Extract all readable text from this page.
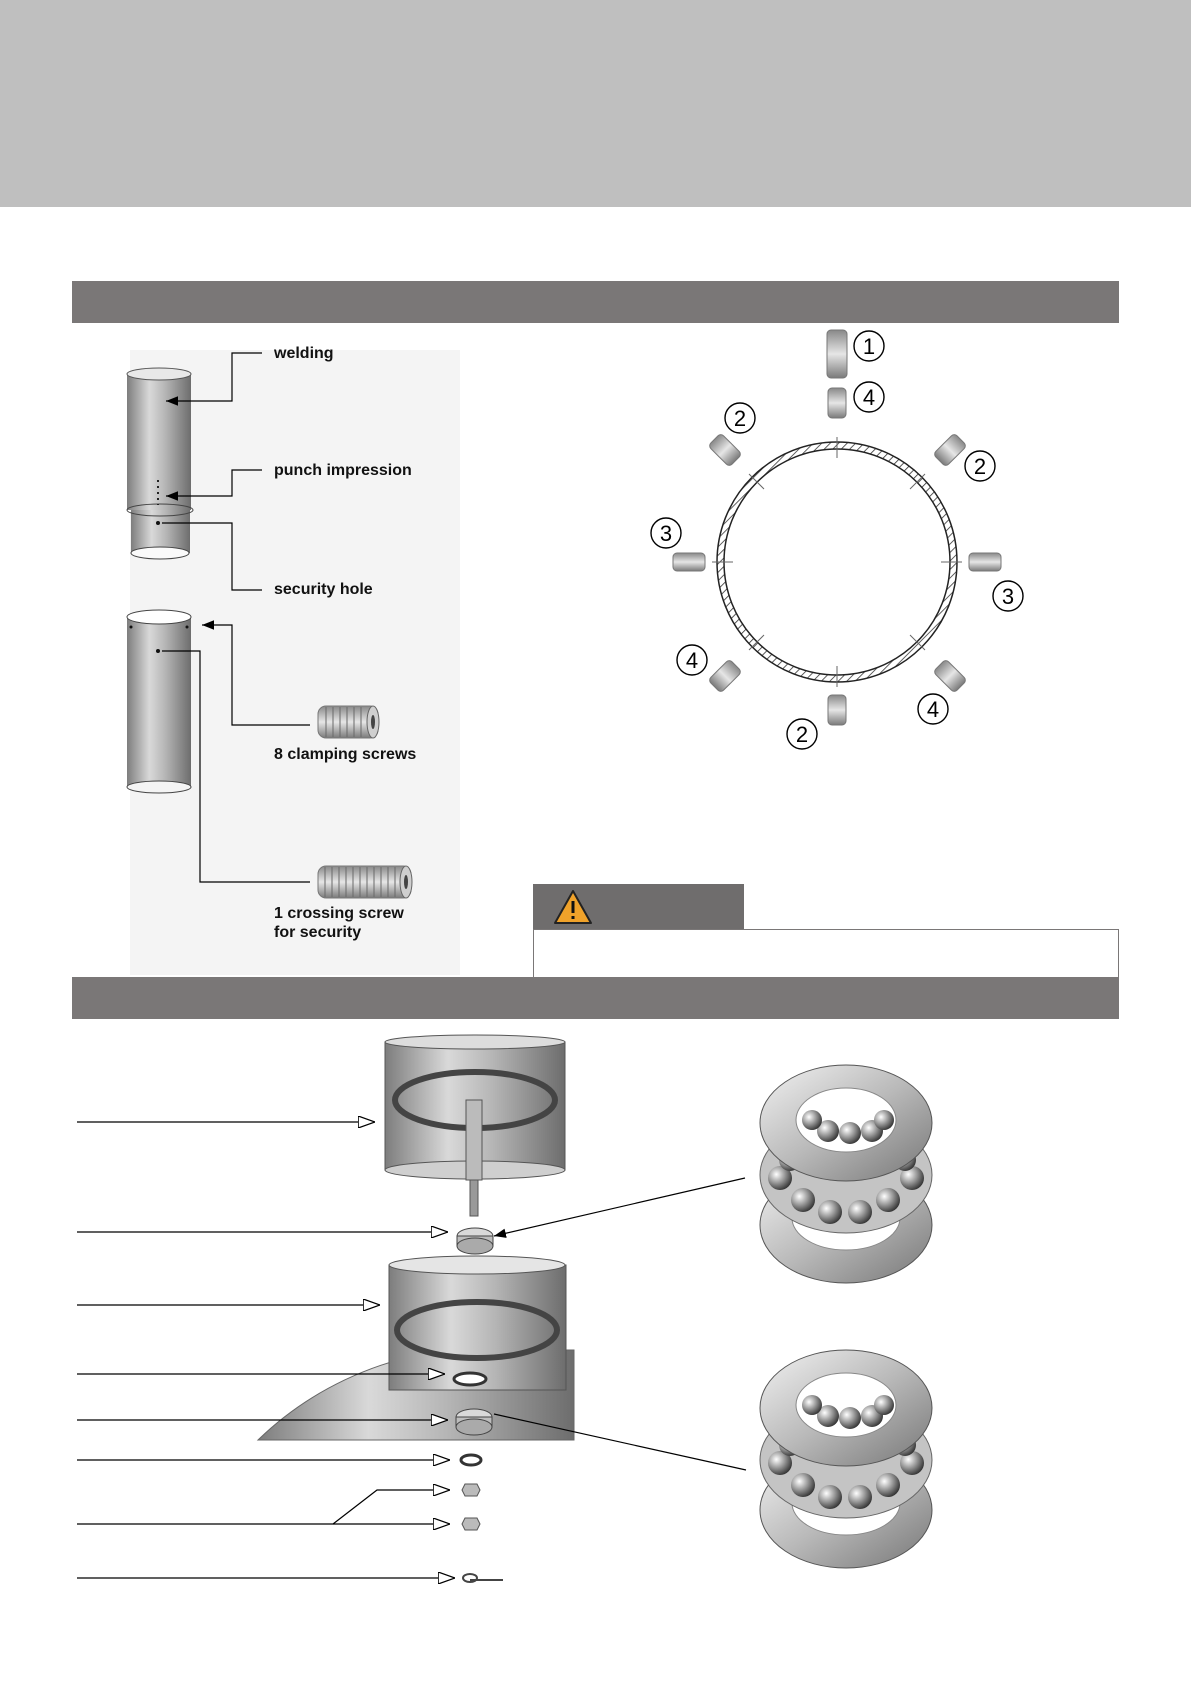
1
4
2
2
3
3
4
4
2
welding
punch impression
security hole
8 clamping screws
1 crossing screw
for security
